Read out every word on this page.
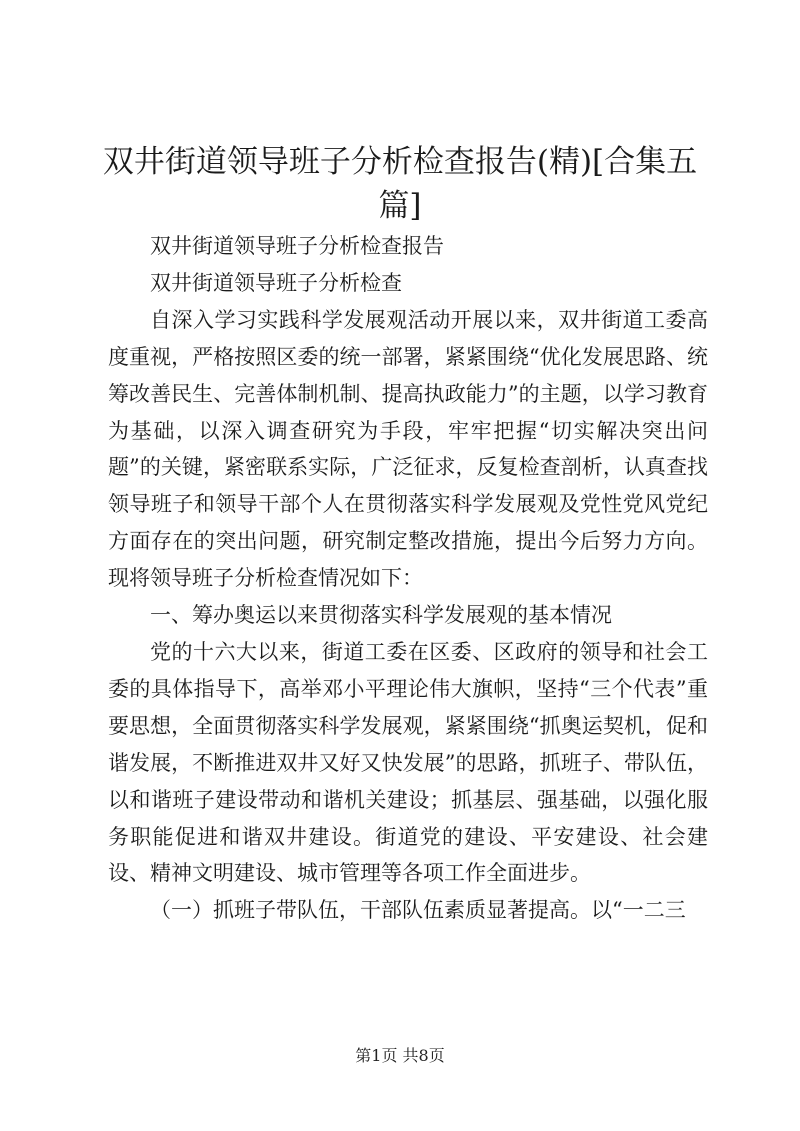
双井街道领导班子分析检查报告(精)[合集五篇]

双井街道领导班子分析检查报告

双井街道领导班子分析检查

自深入学习实践科学发展观活动开展以来，双井街道工委高度重视，严格按照区委的统一部署，紧紧围绕“优化发展思路、统筹改善民生、完善体制机制、提高执政能力”的主题，以学习教育为基础，以深入调查研究为手段，牢牢把握“切实解决突出问题”的关键，紧密联系实际，广泛征求，反复检查剖析，认真查找领导班子和领导干部个人在贯彻落实科学发展观及党性党风党纪方面存在的突出问题，研究制定整改措施，提出今后努力方向。现将领导班子分析检查情况如下：

一、筹办奥运以来贯彻落实科学发展观的基本情况

党的十六大以来，街道工委在区委、区政府的领导和社会工委的具体指导下，高举邓小平理论伟大旗帜，坚持“三个代表”重要思想，全面贯彻落实科学发展观，紧紧围绕“抓奥运契机，促和谐发展，不断推进双井又好又快发展”的思路，抓班子、带队伍，以和谐班子建设带动和谐机关建设；抓基层、强基础，以强化服务职能促进和谐双井建设。街道党的建设、平安建设、社会建设、精神文明建设、城市管理等各项工作全面进步。

（一）抓班子带队伍，干部队伍素质显著提高。以“一二三

第1页 共8页
